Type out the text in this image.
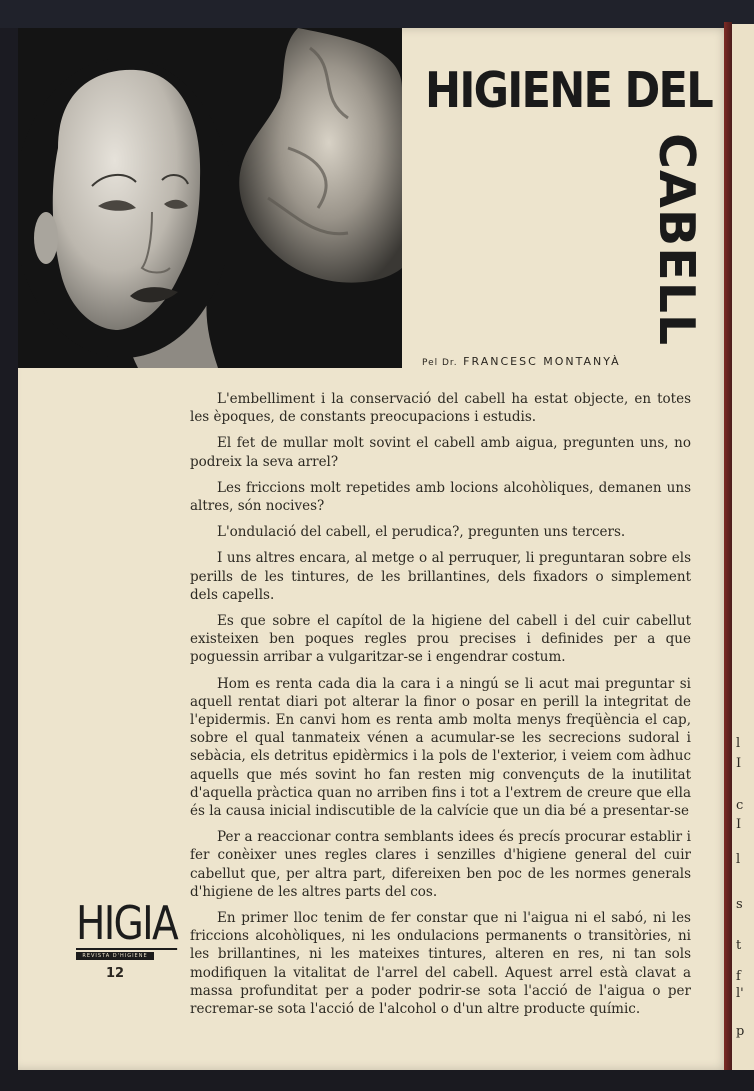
l
I
c
I
l
s
t
f
l'
p
HIGIENE DEL
CABELL
Pel Dr. FRANCESC MONTANYÀ

L'embelliment i la conservació del cabell ha estat objecte, en totes les èpoques, de constants preocupacions i estudis.

El fet de mullar molt sovint el cabell amb aigua, pregunten uns, no podreix la seva arrel?

Les friccions molt repetides amb locions alcohòliques, demanen uns altres, són nocives?

L'ondulació del cabell, el perudica?, pregunten uns tercers.

I uns altres encara, al metge o al perruquer, li preguntaran sobre els perills de les tintures, de les brillantines, dels fixadors o simplement dels capells.

Es que sobre el capítol de la higiene del cabell i del cuir cabellut existeixen ben poques regles prou precises i definides per a que poguessin arribar a vulgaritzar-se i engendrar costum.

Hom es renta cada dia la cara i a ningú se li acut mai preguntar si aquell rentat diari pot alterar la finor o posar en perill la integritat de l'epidermis. En canvi hom es renta amb molta menys freqüència el cap, sobre el qual tanmateix vénen a acumular-se les secrecions sudoral i sebàcia, els detritus epidèrmics i la pols de l'exterior, i veiem com àdhuc aquells que més sovint ho fan resten mig convençuts de la inutilitat d'aquella pràctica quan no arriben fins i tot a l'extrem de creure que ella és la causa inicial indiscutible de la calvície que un dia bé a presentar-se

Per a reaccionar contra semblants idees és precís procurar establir i fer conèixer unes regles clares i senzilles d'higiene general del cuir cabellut que, per altra part, difereixen ben poc de les normes generals d'higiene de les altres parts del cos.

En primer lloc tenim de fer constar que ni l'aigua ni el sabó, ni les friccions alcohòliques, ni les ondulacions permanents o transitòries, ni les brillantines, ni les mateixes tintures, alteren en res, ni tan sols modifiquen la vitalitat de l'arrel del cabell. Aquest arrel està clavat a massa profunditat per a poder podrir-se sota l'acció de l'aigua o per recremar-se sota l'acció de l'alcohol o d'un altre producte químic.

HIGIA
REVISTA D'HIGIENE
12
